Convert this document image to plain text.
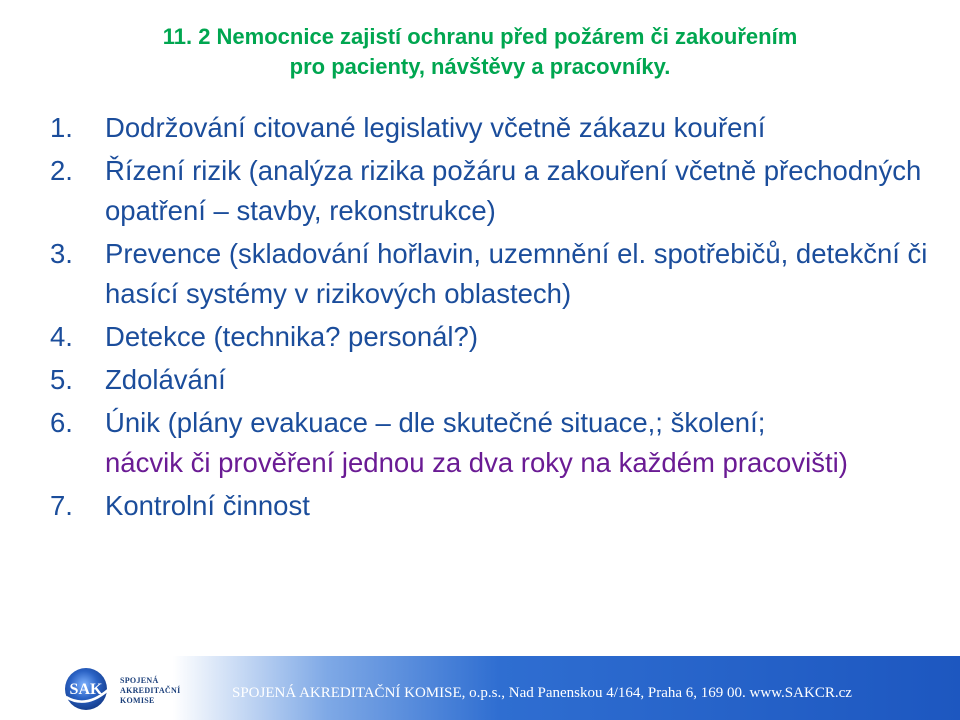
11. 2 Nemocnice zajistí ochranu před požárem či zakouřením
pro pacienty, návštěvy a pracovníky.
1.	Dodržování citované legislativy včetně zákazu kouření
2.	Řízení rizik (analýza rizika požáru a zakouření včetně přechodných opatření – stavby, rekonstrukce)
3.	Prevence (skladování hořlavin, uzemnění el. spotřebičů, detekční či hasící systémy v rizikových oblastech)
4.	Detekce (technika? personál?)
5.	Zdolávání
6.	Únik (plány evakuace – dle skutečné situace,; školení;
nácvik či prověření jednou za dva roky na každém pracovišti)
7.	Kontrolní činnost
SAK
SPOJENÁ
AKREDITAČNÍ
KOMISE	SPOJENÁ AKREDITAČNÍ KOMISE, o.p.s., Nad Panenskou 4/164, Praha 6, 169 00. www.SAKCR.cz
